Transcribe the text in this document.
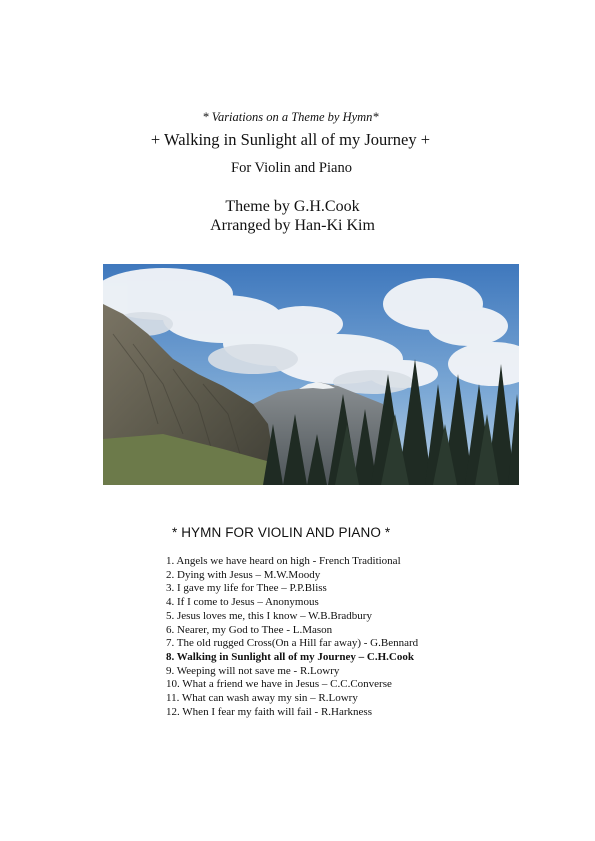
* Variations on a Theme by Hymn*
+ Walking in Sunlight all of my Journey +
For Violin and Piano
Theme by G.H.Cook
Arranged by Han-Ki Kim
* HYMN FOR VIOLIN AND PIANO *
1. Angels we have heard on high - French Traditional
2. Dying with Jesus – M.W.Moody
3. I gave my life for Thee – P.P.Bliss
4. If I come to Jesus – Anonymous
5. Jesus loves me, this I know – W.B.Bradbury
6. Nearer, my God to Thee - L.Mason
7. The old rugged Cross(On a Hill far away) - G.Bennard
8. Walking in Sunlight all of my Journey – C.H.Cook
9. Weeping will not save me - R.Lowry
10. What a friend we have in Jesus – C.C.Converse
11. What can wash away my sin – R.Lowry
12. When I fear my faith will fail - R.Harkness
